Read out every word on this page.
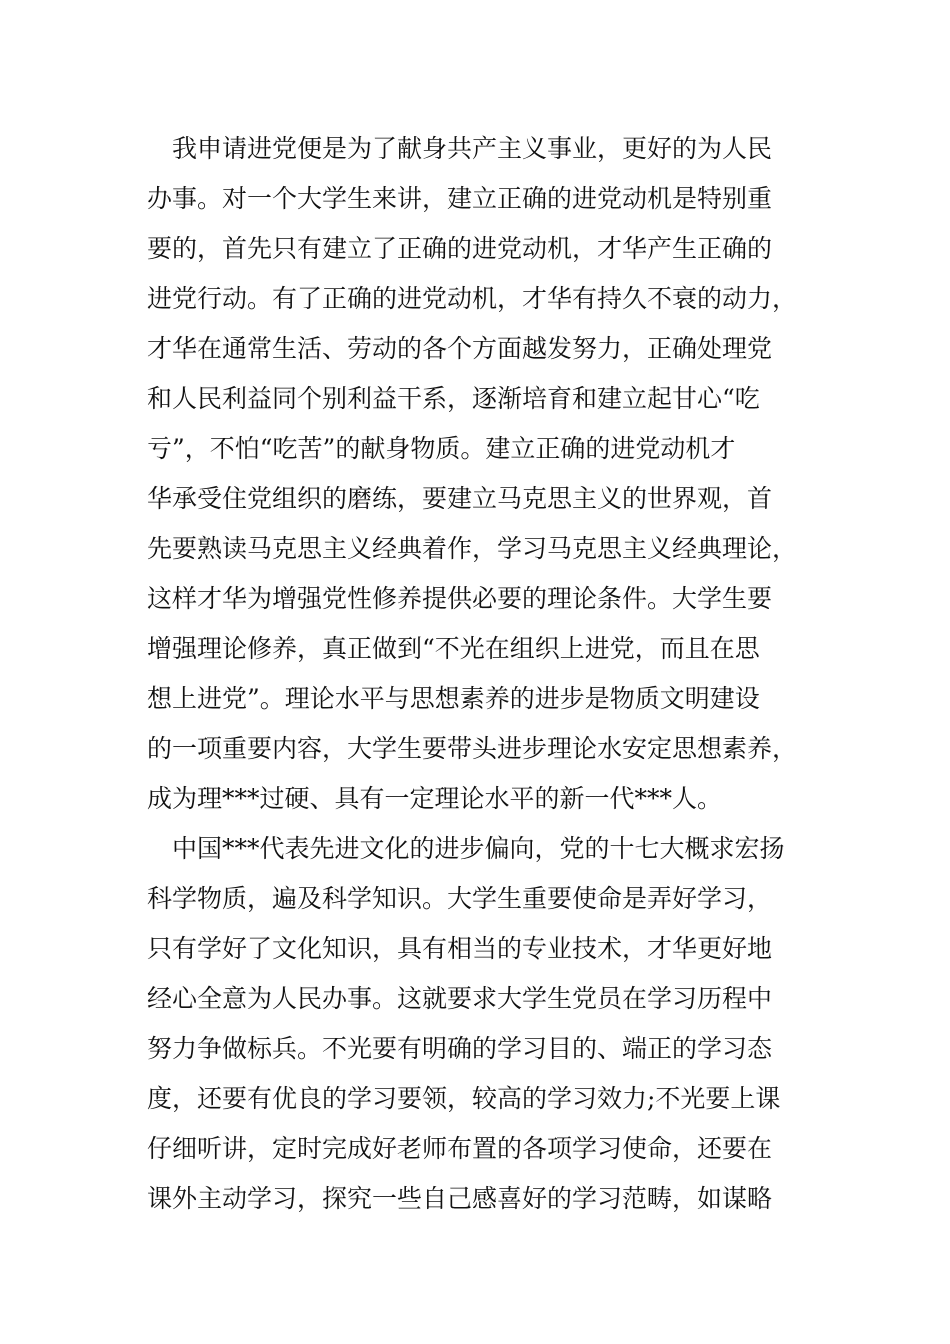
我申请进党便是为了献身共产主义事业，更好的为人民
办事。对一个大学生来讲，建立正确的进党动机是特别重
要的，首先只有建立了正确的进党动机，才华产生正确的
进党行动。有了正确的进党动机，才华有持久不衰的动力，
才华在通常生活、劳动的各个方面越发努力，正确处理党
和人民利益同个别利益干系，逐渐培育和建立起甘心“吃
亏”，不怕“吃苦”的献身物质。建立正确的进党动机才
华承受住党组织的磨练，要建立马克思主义的世界观，首
先要熟读马克思主义经典着作，学习马克思主义经典理论，
这样才华为增强党性修养提供必要的理论条件。大学生要
增强理论修养，真正做到“不光在组织上进党，而且在思
想上进党”。理论水平与思想素养的进步是物质文明建设
的一项重要内容，大学生要带头进步理论水安定思想素养，
成为理***过硬、具有一定理论水平的新一代***人。
中国***代表先进文化的进步偏向，党的十七大概求宏扬
科学物质，遍及科学知识。大学生重要使命是弄好学习，
只有学好了文化知识，具有相当的专业技术，才华更好地
经心全意为人民办事。这就要求大学生党员在学习历程中
努力争做标兵。不光要有明确的学习目的、端正的学习态
度，还要有优良的学习要领，较高的学习效力;不光要上课
仔细听讲，定时完成好老师布置的各项学习使命，还要在
课外主动学习，探究一些自己感喜好的学习范畴，如谋略
